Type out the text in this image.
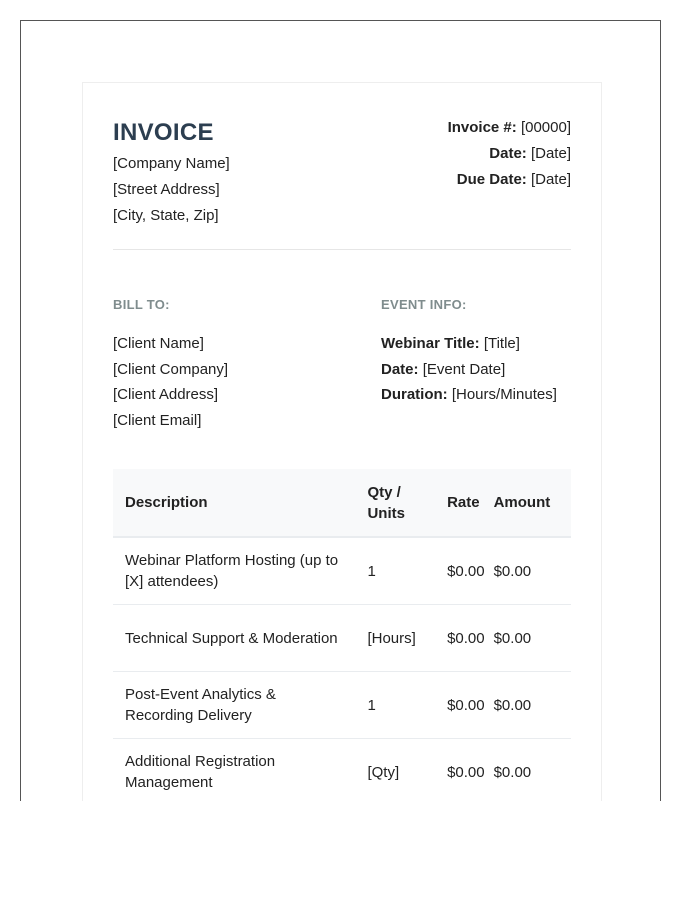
INVOICE
[Company Name]
[Street Address]
[City, State, Zip]
Invoice #: [00000]
Date: [Date]
Due Date: [Date]
BILL TO:
[Client Name]
[Client Company]
[Client Address]
[Client Email]
EVENT INFO:
Webinar Title: [Title]
Date: [Event Date]
Duration: [Hours/Minutes]
Description	Qty / Units	Rate	Amount
Webinar Platform Hosting (up to [X] attendees)	1	$0.00	$0.00
Technical Support & Moderation	[Hours]	$0.00	$0.00
Post-Event Analytics & Recording Delivery	1	$0.00	$0.00
Additional Registration Management	[Qty]	$0.00	$0.00
